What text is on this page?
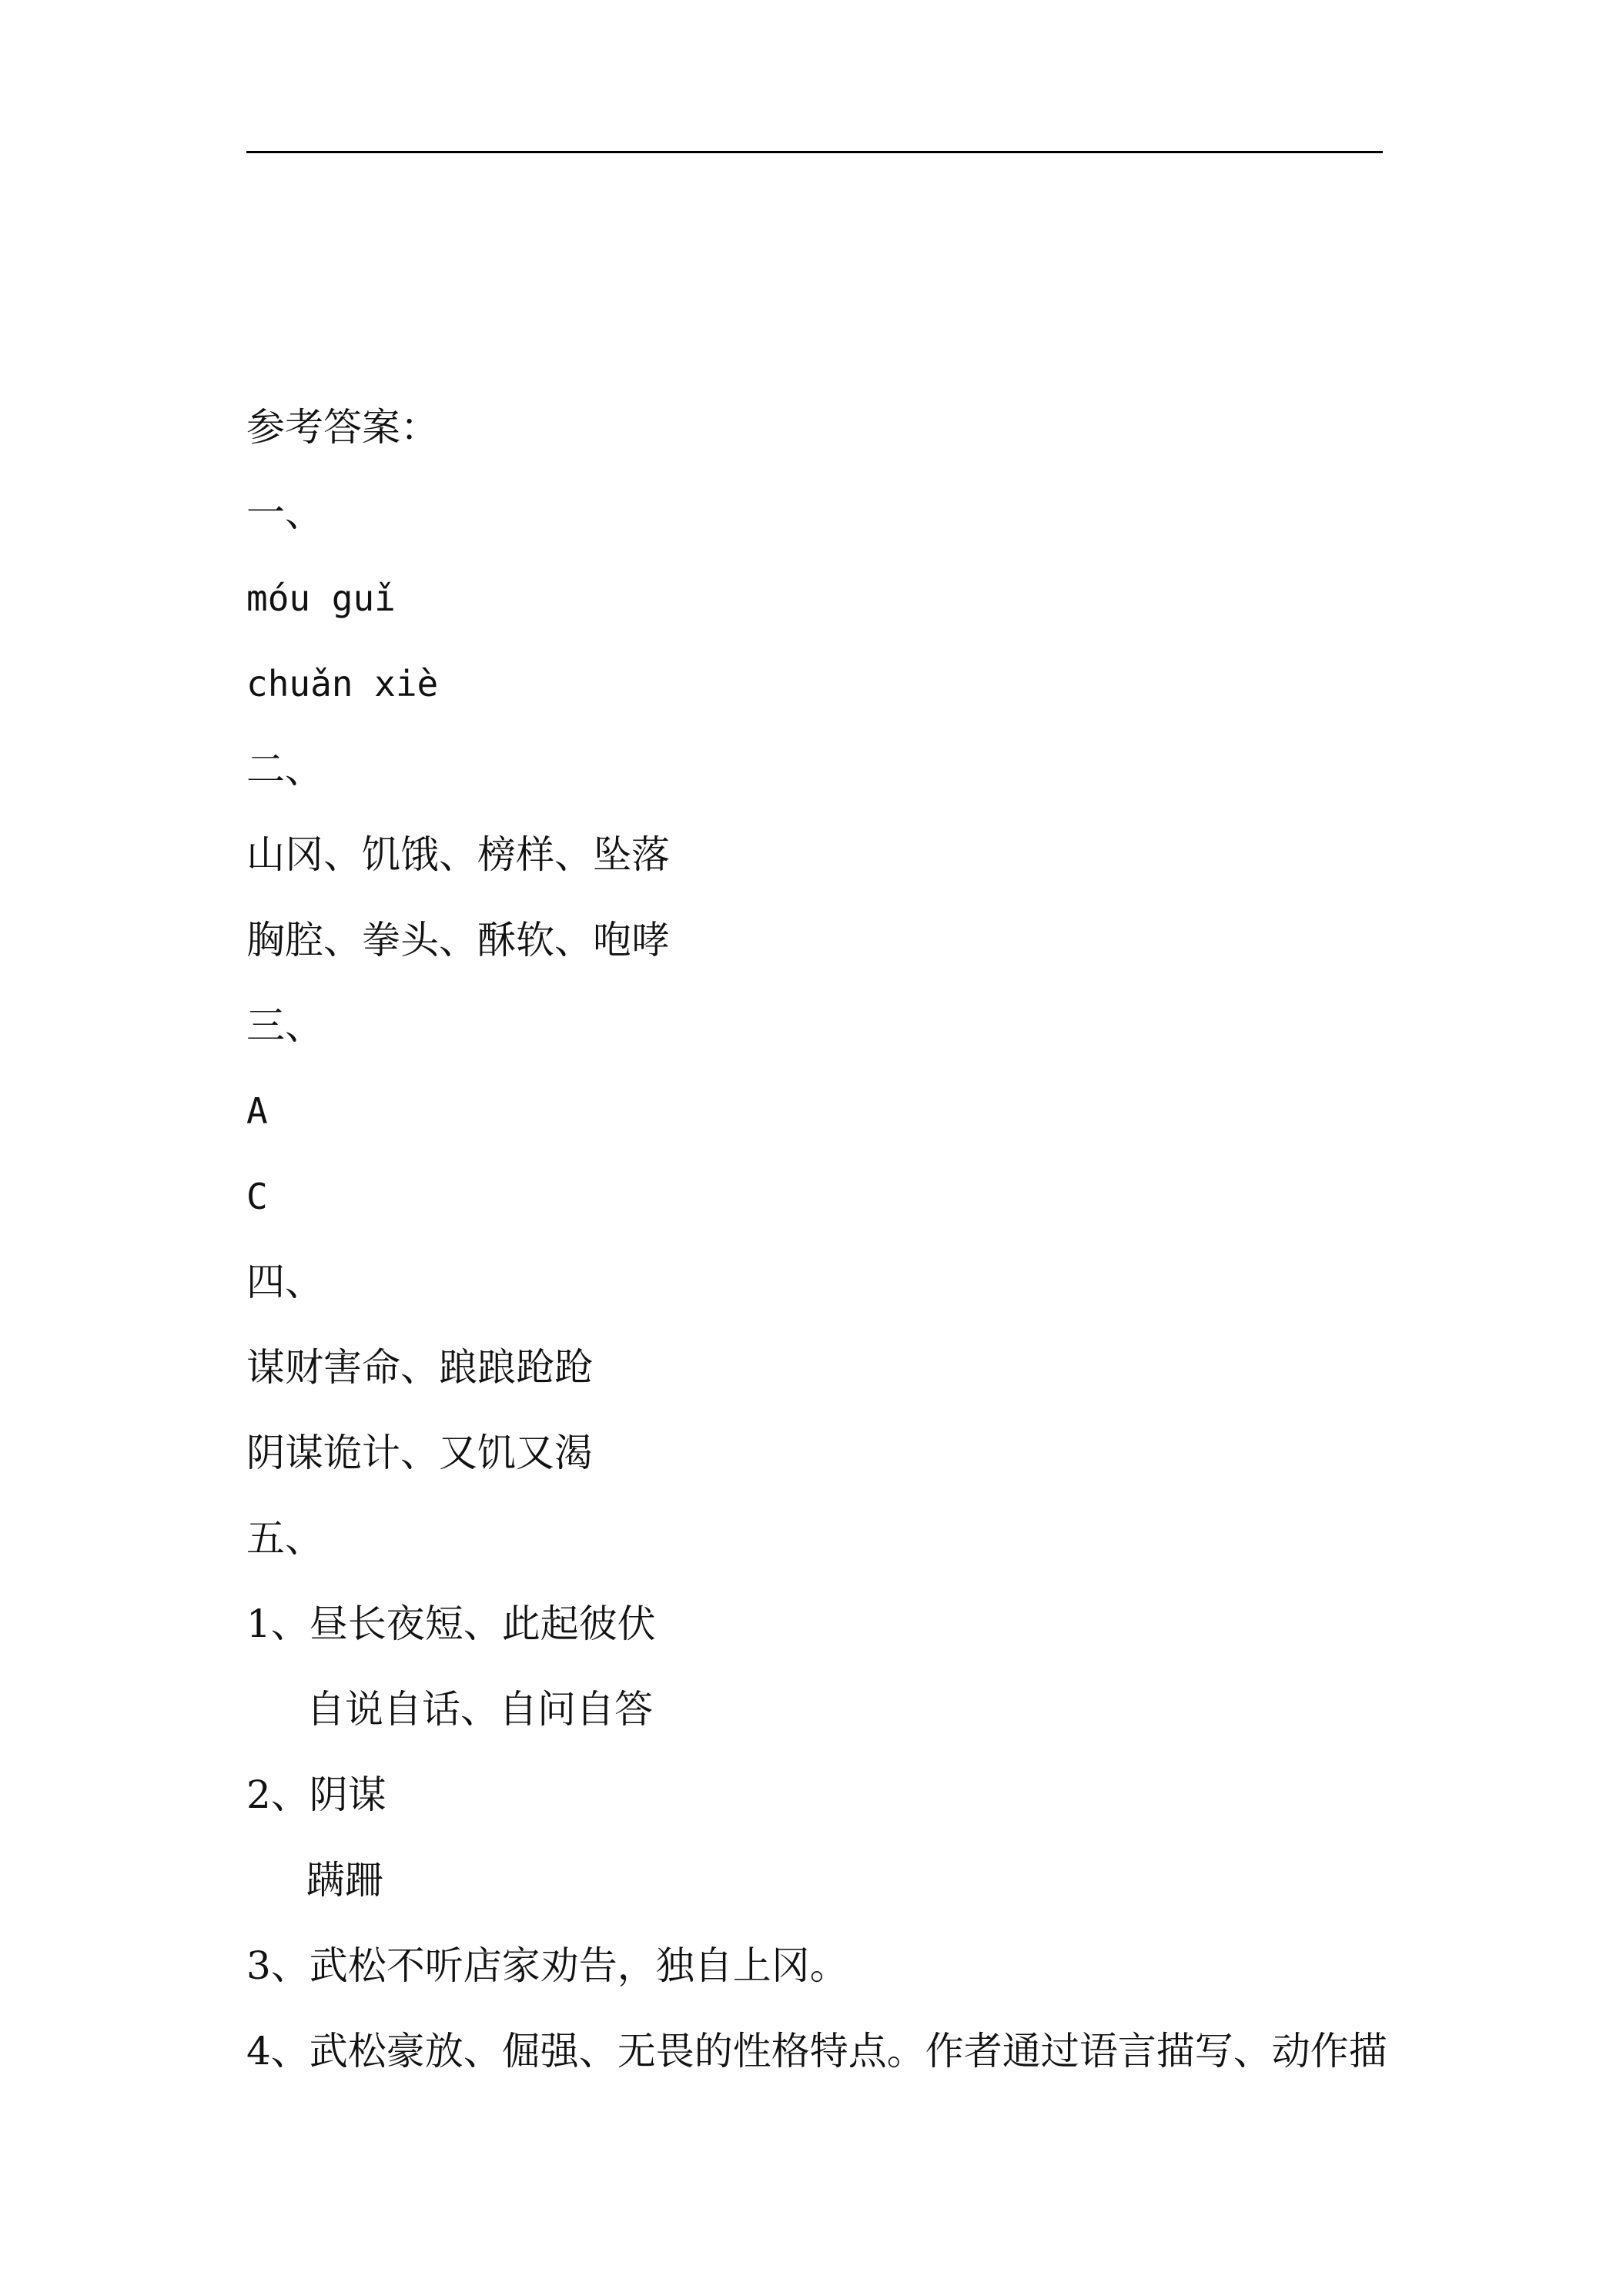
参考答案：
一、
móu guǐ
chuǎn xiè
二、
山冈、饥饿、榜样、坠落
胸腔、拳头、酥软、咆哮
三、
A
C
四、
谋财害命、踉踉跄跄
阴谋诡计、又饥又渴
五、
1、昼长夜短、此起彼伏
自说自话、自问自答
2、阴谋
蹒跚
3、武松不听店家劝告，独自上冈。
4、武松豪放、倔强、无畏的性格特点。作者通过语言描写、动作描
